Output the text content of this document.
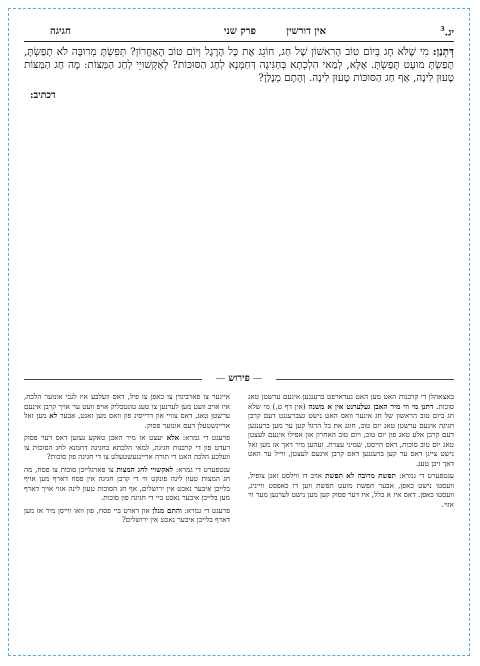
יג.$^3$
אין דורשין
פרק שני
חגיגה
דְּתְנַן: מִי שֶׁלֹּא חָג בְּיוֹם טוֹב הָרִאשׁוֹן שֶׁל חַג, חוֹגֵג אֶת כָּל הָרֶגֶל וְיוֹם טוֹב הָאַחֲרוֹן? תְּפִשְׂתָּ מְרוּבָּה לֹא תָפַשְׂתָּ, תָּפַשְׂתָּ מוּעָט תָּפַשְׂתָּ. אֶלָּא, לְמַאי הִלְכְתָא בְּחַגִּיגָה דְּחַמְּנָא לְחַג הַסּוּכּוֹת? לְאַקְשׁוּיֵי לְחַג הַמַּצּוֹת: מָה חַג הַמַּצּוֹת טָעוּן לִינָה, אַף חַג הַסּוּכּוֹת טָעוּן לִינָה. וְהָתָם מְנָלַן?
דכתיב:
— פירוש —

באצאהלן די קרבנות האט מען האט געדארפט ברענגען אינעם ערשטן טאג סוכות. דתנן מי וזי מיר האבן געלערנט אין א משנה (אין דף ט.) מי שלא חג ביום טוב הראשון של חג אינער וואס האט נישט געברענגט דעם קרבן חגיגה אינעם ערשטן טאג יום טוב, חוגג את כל הרגל קען ער מען ברענגען דעם קרבן אלע טאג פון יום טוב, ויום טוב האחרון און אפילו אינעם לעצטן טאג יום טוב סוכות, דאס הייסט, שמיני עצרת. זעהען מיר דאך אז מען זאל נישט צייגן דאס ער קען ברענגען דאס קרבן אינעם לעצטן, ווייל ער האט דאך זיבן טעג.

עגטפערט די גמרא: תפשת מרובה לא תפשת אויב דו ווילסט זאגן צופיל, וועסטו נישט כאפן, אבער תפשת מועט תפשת ווען דו כאפסט ווייניג, וועסטו כאפן. דאס איז א כלל, איז דער פסוק קען מען נישט לערנען מער ווי אזוי.

איינער צו פארבינדן צו כאפן צו פיל, דאס וועלבע איז לגבי אונזער הלכה, איז אויב וועט מען לערנען צו טעג טונטבליק אויפ וועט ער אויך קרבן אינעם ערשטן טאג, דאס צוויי און דרייסיג פון וואס מען זאגט, אבער לא מען זאל אריינשטעלן דעם אונזער פסוק.

פרעגט די גמרא: אלא יעצט אז מיר האבן טאקע געזען דאס דער פסוק רעדט פון די קרבנות חגיגה, למאי הלכתא בחגיגה דחמנא לחג הסוכות צו וועלכע הלכה האט די תורה אריינגעשטעלט צו די חגיגה פון סוכות?

ענטפערט די גמרא: לאקשויי לחג המצות צו פארגלייכן סוכות צו פסח, מה חג המצות טעון לינה פונקט ווי די קרבן חגיגה אין פסח דארף מען אויף בלייבן איבער נאכט אין ירושלים, אף חג הסוכות טעון לינה אזוי אויך דארף מען בלייבן איבער נאכט ביי די חגיגה פון סוכות.

פרעגט די גמרא: והתם מנלן און דארט ביי פסח, פון וואו ווייסן מיר אז מען דארף בלייבן איבער נאכט אין ירושלים?
